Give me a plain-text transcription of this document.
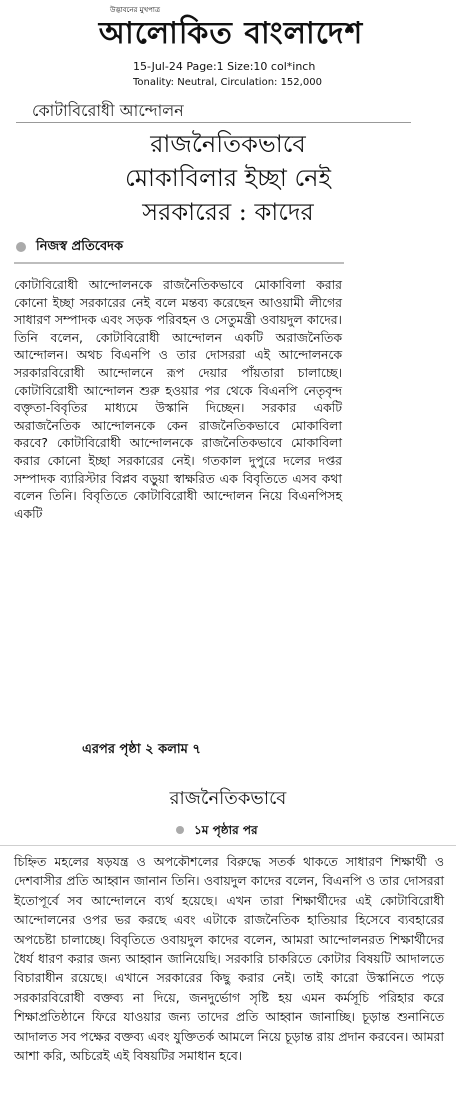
উদ্ভাবনের মুখপাত্র
আলোকিত বাংলাদেশ
15-Jul-24 Page:1 Size:10 col*inch
Tonality: Neutral, Circulation: 152,000
কোটাবিরোধী আন্দোলন
রাজনৈতিকভাবে
মোকাবিলার ইচ্ছা নেই
সরকারের : কাদের
নিজস্ব প্রতিবেদক

কোটাবিরোধী আন্দোলনকে রাজনৈতিকভাবে মোকাবিলা করার কোনো ইচ্ছা সরকারের নেই বলে মন্তব্য করেছেন আওয়ামী লীগের সাধারণ সম্পাদক এবং সড়ক পরিবহন ও সেতুমন্ত্রী ওবায়দুল কাদের। তিনি বলেন, কোটাবিরোধী আন্দোলন একটি অরাজনৈতিক আন্দোলন। অথচ বিএনপি ও তার দোসররা এই আন্দোলনকে সরকারবিরোধী আন্দোলনে রূপ দেয়ার পাঁয়তারা চালাচ্ছে। কোটাবিরোধী আন্দোলন শুরু হওয়ার পর থেকে বিএনপি নেতৃবৃন্দ বক্তৃতা-বিবৃতির মাধ্যমে উস্কানি দিচ্ছেন। সরকার একটি অরাজনৈতিক আন্দোলনকে কেন রাজনৈতিকভাবে মোকাবিলা করবে? কোটাবিরোধী আন্দোলনকে রাজনৈতিকভাবে মোকাবিলা করার কোনো ইচ্ছা সরকারের নেই। গতকাল দুপুরে দলের দপ্তর সম্পাদক ব্যারিস্টার বিপ্লব বড়ুয়া স্বাক্ষরিত এক বিবৃতিতে এসব কথা বলেন তিনি। বিবৃতিতে কোটাবিরোধী আন্দোলন নিয়ে বিএনপিসহ একটি

এরপর পৃষ্ঠা ২ কলাম ৭
রাজনৈতিকভাবে
১ম পৃষ্ঠার পর

চিহ্নিত মহলের ষড়যন্ত্র ও অপকৌশলের বিরুদ্ধে সতর্ক থাকতে সাধারণ শিক্ষার্থী ও দেশবাসীর প্রতি আহ্বান জানান তিনি। ওবায়দুল কাদের বলেন, বিএনপি ও তার দোসররা ইতোপূর্বে সব আন্দোলনে ব্যর্থ হয়েছে। এখন তারা শিক্ষার্থীদের এই কোটাবিরোধী আন্দোলনের ওপর ভর করছে এবং এটাকে রাজনৈতিক হাতিয়ার হিসেবে ব্যবহারের অপচেষ্টা চালাচ্ছে। বিবৃতিতে ওবায়দুল কাদের বলেন, আমরা আন্দোলনরত শিক্ষার্থীদের ধৈর্য ধারণ করার জন্য আহ্বান জানিয়েছি। সরকারি চাকরিতে কোটার বিষয়টি আদালতে বিচারাধীন রয়েছে। এখানে সরকারের কিছু করার নেই। তাই কারো উস্কানিতে পড়ে সরকারবিরোধী বক্তব্য না দিয়ে, জনদুর্ভোগ সৃষ্টি হয় এমন কর্মসূচি পরিহার করে শিক্ষাপ্রতিষ্ঠানে ফিরে যাওয়ার জন্য তাদের প্রতি আহ্বান জানাচ্ছি। চূড়ান্ত শুনানিতে আদালত সব পক্ষের বক্তব্য এবং যুক্তিতর্ক আমলে নিয়ে চূড়ান্ত রায় প্রদান করবেন। আমরা আশা করি, অচিরেই এই বিষয়টির সমাধান হবে।
